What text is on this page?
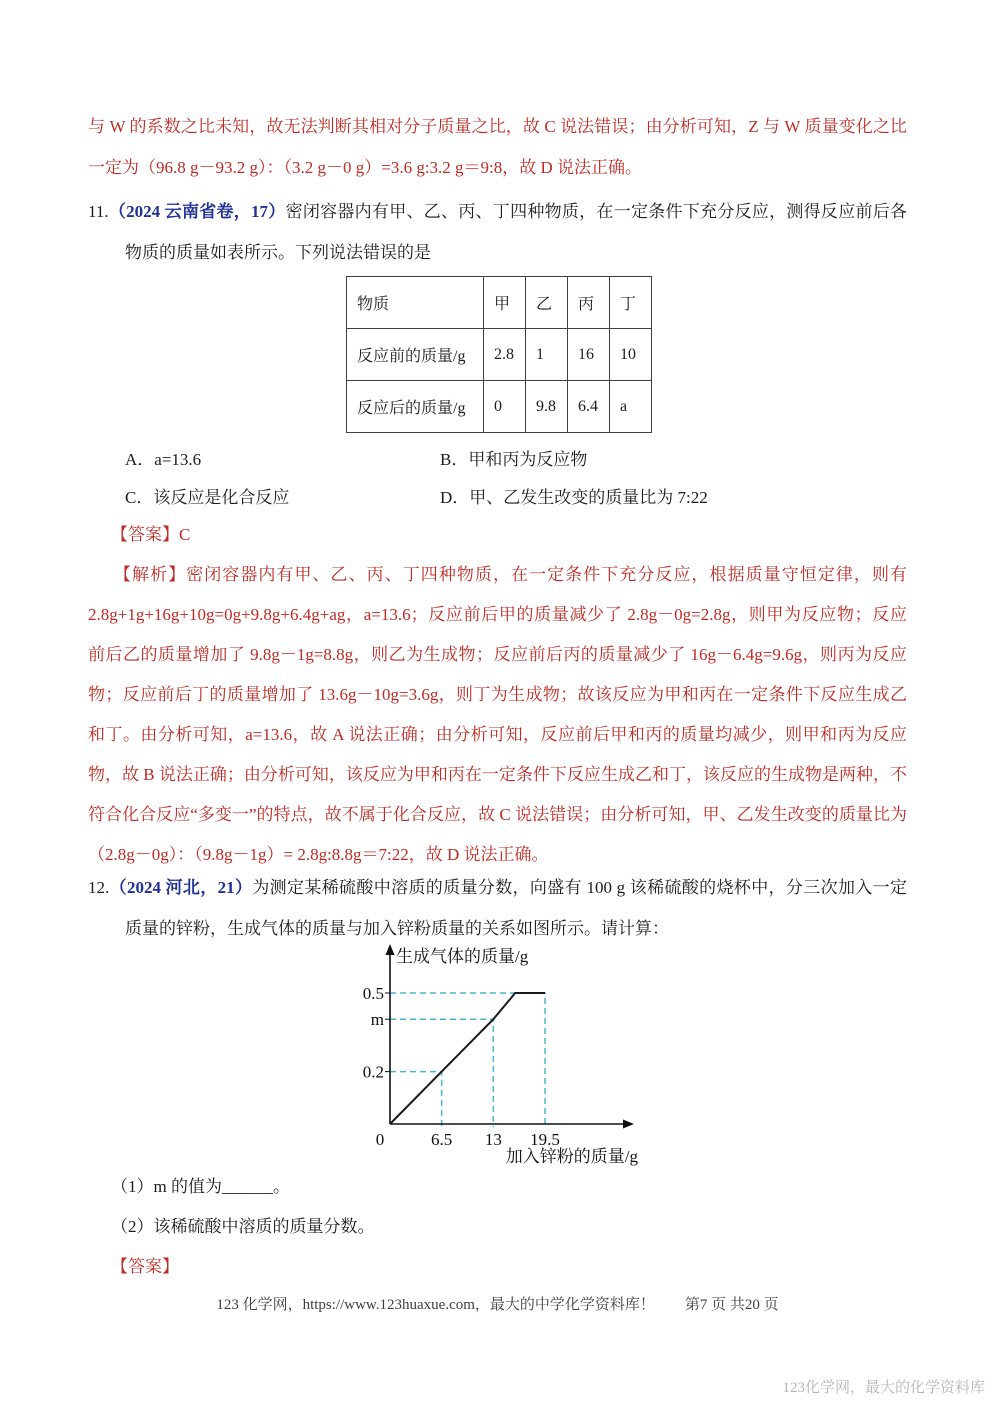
与 W 的系数之比未知，故无法判断其相对分子质量之比，故 C 说法错误；由分析可知，Z 与 W 质量变化之比一定为（96.8 g－93.2 g）：（3.2 g－0 g）=3.6 g:3.2 g＝9:8，故 D 说法正确。

11.（2024 云南省卷，17）密闭容器内有甲、乙、丙、丁四种物质，在一定条件下充分反应，测得反应前后各物质的质量如表所示。下列说法错误的是

物质	甲	乙	丙	丁
反应前的质量/g	2.8	1	16	10
反应后的质量/g	0	9.8	6.4	a
A．a=13.6	B．甲和丙为反应物
C．该反应是化合反应	D．甲、乙发生改变的质量比为 7:22

【答案】C

【解析】密闭容器内有甲、乙、丙、丁四种物质，在一定条件下充分反应，根据质量守恒定律，则有 2.8g+1g+16g+10g=0g+9.8g+6.4g+ag，a=13.6；反应前后甲的质量减少了 2.8g－0g=2.8g，则甲为反应物；反应前后乙的质量增加了 9.8g－1g=8.8g，则乙为生成物；反应前后丙的质量减少了 16g－6.4g=9.6g，则丙为反应物；反应前后丁的质量增加了 13.6g－10g=3.6g，则丁为生成物；故该反应为甲和丙在一定条件下反应生成乙和丁。由分析可知，a=13.6，故 A 说法正确；由分析可知，反应前后甲和丙的质量均减少，则甲和丙为反应物，故 B 说法正确；由分析可知，该反应为甲和丙在一定条件下反应生成乙和丁，该反应的生成物是两种，不符合化合反应“多变一”的特点，故不属于化合反应，故 C 说法错误；由分析可知，甲、乙发生改变的质量比为（2.8g－0g）：（9.8g－1g）= 2.8g:8.8g＝7:22，故 D 说法正确。

12.（2024 河北，21）为测定某稀硫酸中溶质的质量分数，向盛有 100 g 该稀硫酸的烧杯中，分三次加入一定质量的锌粉，生成气体的质量与加入锌粉质量的关系如图所示。请计算：

生成气体的质量/g
加入锌粉的质量/g
0.5
m
0.2
0	6.5 13 19.5

（1）m 的值为______。

（2）该稀硫酸中溶质的质量分数。

【答案】

123 化学网，https://www.123huaxue.com，最大的中学化学资料库！ 第7 页 共20 页

123化学网，最大的化学资料库
